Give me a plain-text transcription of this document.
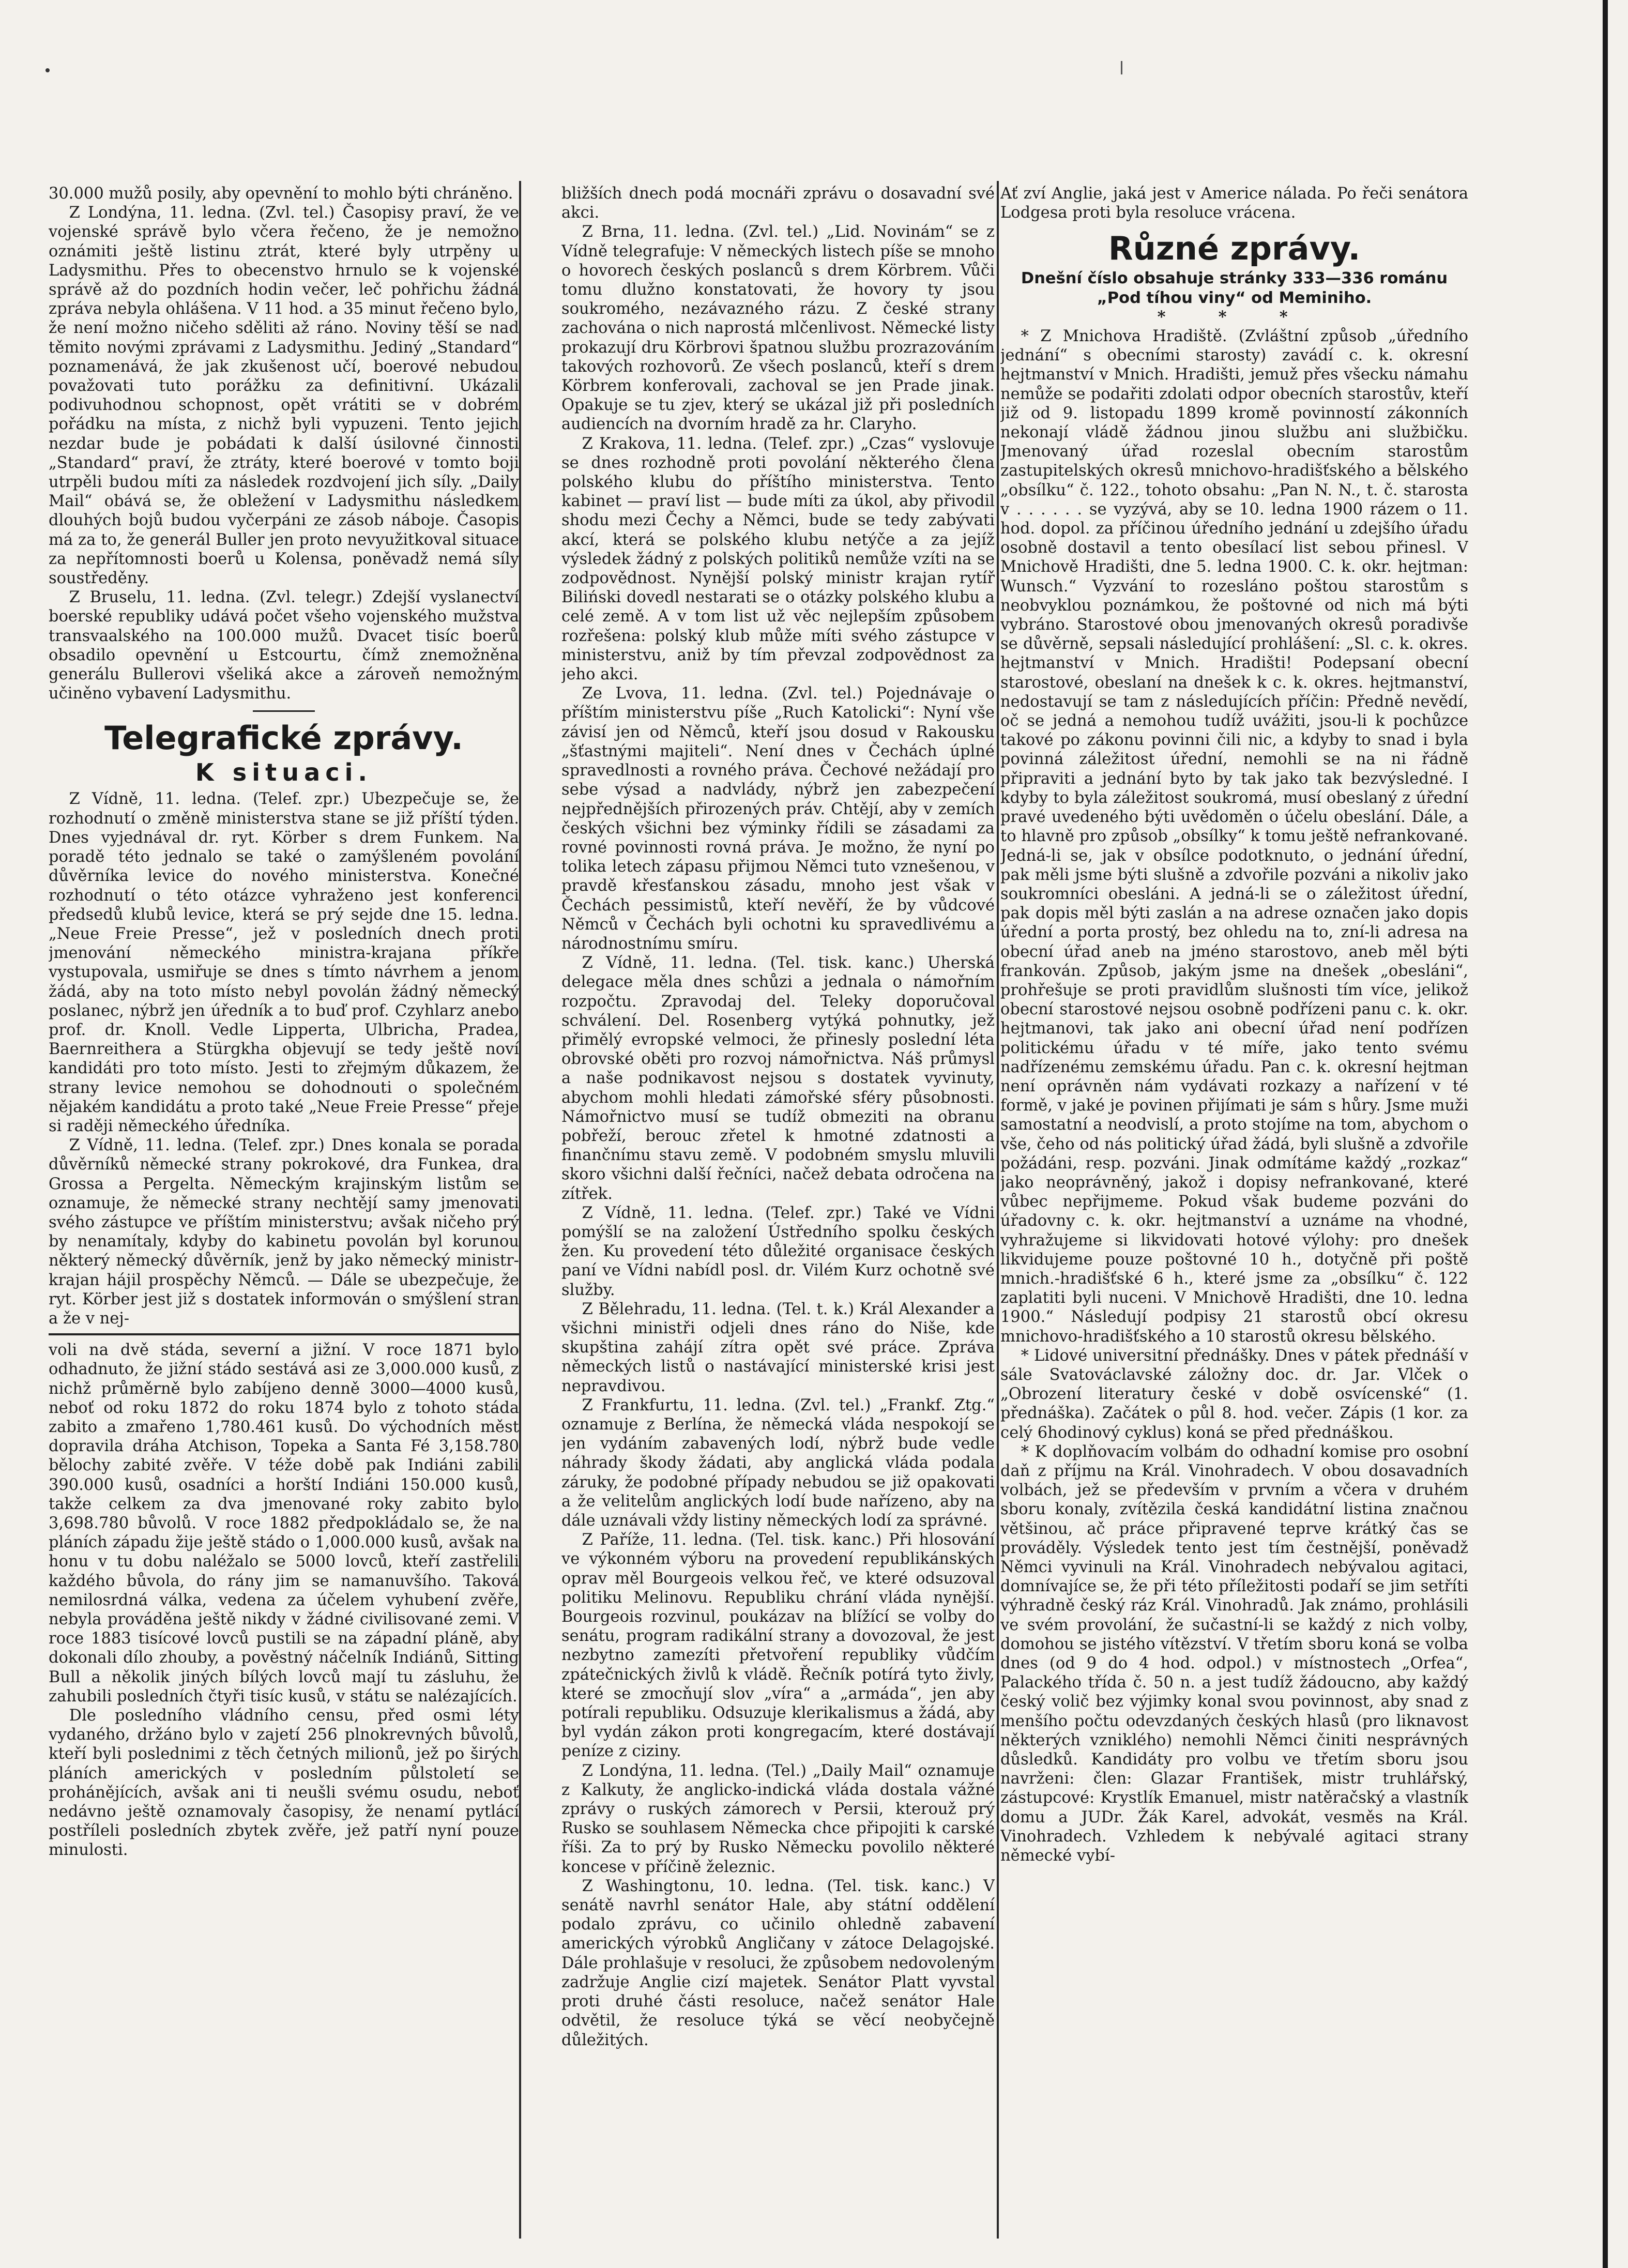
30.000 mužů posily, aby opevnění to mohlo býti chráněno.

Z Londýna, 11. ledna. (Zvl. tel.) Časopisy praví, že ve vojenské správě bylo včera řečeno, že je nemožno oznámiti ještě listinu ztrát, které byly utrpěny u Ladysmithu. Přes to obecenstvo hrnulo se k vojenské správě až do pozdních hodin večer, leč pohřichu žádná zpráva nebyla ohlášena. V 11 hod. a 35 minut řečeno bylo, že není možno ničeho sděliti až ráno. Noviny těší se nad těmito novými zprávami z Ladysmithu. Jediný „Standard“ poznamenává, že jak zkušenost učí, boerové nebudou považovati tuto porážku za definitivní. Ukázali podivuhodnou schopnost, opět vrátiti se v dobrém pořádku na místa, z nichž byli vypuzeni. Tento jejich nezdar bude je pobádati k další úsilovné činnosti „Standard“ praví, že ztráty, které boerové v tomto boji utrpěli budou míti za následek rozdvojení jich síly. „Daily Mail“ obává se, že obležení v Ladysmithu následkem dlouhých bojů budou vyčerpáni ze zásob náboje. Časopis má za to, že generál Buller jen proto nevyužitkoval situace za nepřítomnosti boerů u Kolensa, poněvadž nemá síly soustředěny.

Z Bruselu, 11. ledna. (Zvl. telegr.) Zdejší vyslanectví boerské republiky udává počet všeho vojenského mužstva transvaalského na 100.000 mužů. Dvacet tisíc boerů obsadilo opevnění u Estcourtu, čímž znemožněna generálu Bullerovi všeliká akce a zároveň nemožným učiněno vybavení Ladysmithu.

Telegrafické zprávy.
K situaci.

Z Vídně, 11. ledna. (Telef. zpr.) Ubezpečuje se, že rozhodnutí o změně ministerstva stane se již příští týden. Dnes vyjednával dr. ryt. Körber s drem Funkem. Na poradě této jednalo se také o zamýšleném povolání důvěrníka levice do nového ministerstva. Konečné rozhodnutí o této otázce vyhraženo jest konferenci předsedů klubů levice, která se prý sejde dne 15. ledna. „Neue Freie Presse“, jež v posledních dnech proti jmenování německého ministra-krajana příkře vystupovala, usmiřuje se dnes s tímto návrhem a jenom žádá, aby na toto místo nebyl povolán žádný německý poslanec, nýbrž jen úředník a to buď prof. Czyhlarz anebo prof. dr. Knoll. Vedle Lipperta, Ulbricha, Pradea, Baernreithera a Stürgkha objevují se tedy ještě noví kandidáti pro toto místo. Jesti to zřejmým důkazem, že strany levice nemohou se dohodnouti o společném nějakém kandidátu a proto také „Neue Freie Presse“ přeje si raději německého úředníka.

Z Vídně, 11. ledna. (Telef. zpr.) Dnes konala se porada důvěrníků německé strany pokrokové, dra Funkea, dra Grossa a Pergelta. Německým krajinským listům se oznamuje, že německé strany nechtějí samy jmenovati svého zástupce ve příštím ministerstvu; avšak ničeho prý by nenamítaly, kdyby do kabinetu povolán byl korunou některý německý důvěrník, jenž by jako německý ministr-krajan hájil prospěchy Němců. — Dále se ubezpečuje, že ryt. Körber jest již s dostatek informován o smýšlení stran a že v nej-

voli na dvě stáda, severní a jižní. V roce 1871 bylo odhadnuto, že jižní stádo sestává asi ze 3,000.000 kusů, z nichž průměrně bylo zabíjeno denně 3000—4000 kusů, neboť od roku 1872 do roku 1874 bylo z tohoto stáda zabito a zmařeno 1,780.461 kusů. Do východních měst dopravila dráha Atchison, Topeka a Santa Fé 3,158.780 bělochy zabité zvěře. V téže době pak Indiáni zabili 390.000 kusů, osadníci a horští Indiáni 150.000 kusů, takže celkem za dva jmenované roky zabito bylo 3,698.780 bůvolů. V roce 1882 předpokládalo se, že na pláních západu žije ještě stádo o 1,000.000 kusů, avšak na honu v tu dobu naléžalo se 5000 lovců, kteří zastřelili každého bůvola, do rány jim se namanuvšího. Taková nemilosrdná válka, vedena za účelem vyhubení zvěře, nebyla prováděna ještě nikdy v žádné civilisované zemi. V roce 1883 tisícové lovců pustili se na západní pláně, aby dokonali dílo zhouby, a pověstný náčelník Indiánů, Sitting Bull a několik jiných bílých lovců mají tu zásluhu, že zahubili posledních čtyři tisíc kusů, v státu se nalézajících.

Dle posledního vládního censu, před osmi léty vydaného, držáno bylo v zajetí 256 plnokrevných bůvolů, kteří byli poslednimi z těch četných milionů, jež po širých pláních amerických v posledním půlstoletí se prohánějících, avšak ani ti neušli svému osudu, neboť nedávno ještě oznamovaly časopisy, že nenamí pytlácí postříleli posledních zbytek zvěře, jež patří nyní pouze minulosti.

bližších dnech podá mocnáři zprávu o dosavadní své akci.

Z Brna, 11. ledna. (Zvl. tel.) „Lid. Novinám“ se z Vídně telegrafuje: V německých listech píše se mnoho o hovorech českých poslanců s drem Körbrem. Vůči tomu dlužno konstatovati, že hovory ty jsou soukromého, nezávazného rázu. Z české strany zachována o nich naprostá mlčenlivost. Německé listy prokazují dru Körbrovi špatnou službu prozrazováním takových rozhovorů. Ze všech poslanců, kteří s drem Körbrem konferovali, zachoval se jen Prade jinak. Opakuje se tu zjev, který se ukázal již při posledních audiencích na dvorním hradě za hr. Claryho.

Z Krakova, 11. ledna. (Telef. zpr.) „Czas“ vyslovuje se dnes rozhodně proti povolání některého člena polského klubu do příštího ministerstva. Tento kabinet — praví list — bude míti za úkol, aby přivodil shodu mezi Čechy a Němci, bude se tedy zabývati akcí, která se polského klubu netýče a za jejíž výsledek žádný z polských politiků nemůže vzíti na se zodpovědnost. Nynější polský ministr krajan rytíř Biliński dovedl nestarati se o otázky polského klubu a celé země. A v tom list už věc nejlepším způsobem rozřešena: polský klub může míti svého zástupce v ministerstvu, aniž by tím převzal zodpovědnost za jeho akci.

Ze Lvova, 11. ledna. (Zvl. tel.) Pojednávaje o příštím ministerstvu píše „Ruch Katolicki“: Nyní vše závisí jen od Němců, kteří jsou dosud v Rakousku „šťastnými majiteli“. Není dnes v Čechách úplné spravedlnosti a rovného práva. Čechové nežádají pro sebe výsad a nadvlády, nýbrž jen zabezpečení nejpřednějších přirozených práv. Chtějí, aby v zemích českých všichni bez výminky řídili se zásadami za rovné povinnosti rovná práva. Je možno, že nyní po tolika letech zápasu přijmou Němci tuto vznešenou, v pravdě křesťanskou zásadu, mnoho jest však v Čechách pessimistů, kteří nevěří, že by vůdcové Němců v Čechách byli ochotni ku spravedlivému a národnostnímu smíru.

Z Vídně, 11. ledna. (Tel. tisk. kanc.) Uherská delegace měla dnes schůzi a jednala o námořním rozpočtu. Zpravodaj del. Teleky doporučoval schválení. Del. Rosenberg vytýká pohnutky, jež přimělý evropské velmoci, že přinesly poslední léta obrovské oběti pro rozvoj námořnictva. Náš průmysl a naše podnikavost nejsou s dostatek vyvinuty, abychom mohli hledati zámořské sféry působnosti. Námořnictvo musí se tudíž obmeziti na obranu pobřeží, berouc zřetel k hmotné zdatnosti a finančnímu stavu země. V podobném smyslu mluvili skoro všichni další řečníci, načež debata odročena na zítřek.

Z Vídně, 11. ledna. (Telef. zpr.) Také ve Vídni pomýšlí se na založení Ústředního spolku českých žen. Ku provedení této důležité organisace českých paní ve Vídni nabídl posl. dr. Vilém Kurz ochotně své služby.

Z Bělehradu, 11. ledna. (Tel. t. k.) Král Alexander a všichni ministři odjeli dnes ráno do Niše, kde skupština zahájí zítra opět své práce. Zpráva německých listů o nastávající ministerské krisi jest nepravdivou.

Z Frankfurtu, 11. ledna. (Zvl. tel.) „Frankf. Ztg.“ oznamuje z Berlína, že německá vláda nespokojí se jen vydáním zabavených lodí, nýbrž bude vedle náhrady škody žádati, aby anglická vláda podala záruky, že podobné případy nebudou se již opakovati a že velitelům anglických lodí bude nařízeno, aby na dále uznávali vždy listiny německých lodí za správné.

Z Paříže, 11. ledna. (Tel. tisk. kanc.) Při hlosování ve výkonném výboru na provedení republikánských oprav měl Bourgeois velkou řeč, ve které odsuzoval politiku Melinovu. Republiku chrání vláda nynější. Bourgeois rozvinul, poukázav na blížící se volby do senátu, program radikální strany a dovozoval, že jest nezbytno zamezíti přetvoření republiky vůdčím zpátečnických živlů k vládě. Řečník potírá tyto živly, které se zmocňují slov „víra“ a „armáda“, jen aby potírali republiku. Odsuzuje klerikalismus a žádá, aby byl vydán zákon proti kongregacím, které dostávají peníze z ciziny.

Z Londýna, 11. ledna. (Tel.) „Daily Mail“ oznamuje z Kalkuty, že anglicko-indická vláda dostala vážné zprávy o ruských zámorech v Persii, kterouž prý Rusko se souhlasem Německa chce připojiti k carské říši. Za to prý by Rusko Německu povolilo některé koncese v příčině železnic.

Z Washingtonu, 10. ledna. (Tel. tisk. kanc.) V senátě navrhl senátor Hale, aby státní oddělení podalo zprávu, co učinilo ohledně zabavení amerických výrobků Angličany v zátoce Delagojské. Dále prohlašuje v resoluci, že způsobem nedovoleným zadržuje Anglie cizí majetek. Senátor Platt vyvstal proti druhé části resoluce, načež senátor Hale odvětil, že resoluce týká se věcí neobyčejně důležitých.

Ať zví Anglie, jaká jest v Americe nálada. Po řeči senátora Lodgesa proti byla resoluce vrácena.

Různé zprávy.

Dnešní číslo obsahuje stránky 333—336 románu „Pod tíhou viny“ od Meminiho.

* * *

* Z Mnichova Hradiště. (Zvláštní způsob „úředního jednání“ s obecními starosty) zavádí c. k. okresní hejtmanství v Mnich. Hradišti, jemuž přes všecku námahu nemůže se podařiti zdolati odpor obecních starostův, kteří již od 9. listopadu 1899 kromě povinností zákonních nekonají vládě žádnou jinou službu ani službičku. Jmenovaný úřad rozeslal obecním starostům zastupitelských okresů mnichovo-hradišťského a bělského „obsílku“ č. 122., tohoto obsahu: „Pan N. N., t. č. starosta v . . . . . . se vyzývá, aby se 10. ledna 1900 rázem o 11. hod. dopol. za příčinou úředního jednání u zdejšího úřadu osobně dostavil a tento obesílací list sebou přinesl. V Mnichově Hradišti, dne 5. ledna 1900. C. k. okr. hejtman: Wunsch.“ Vyzvání to rozesláno poštou starostům s neobvyklou poznámkou, že poštovné od nich má býti vybráno. Starostové obou jmenovaných okresů poradivše se důvěrně, sepsali následující prohlášení: „Sl. c. k. okres. hejtmanství v Mnich. Hradišti! Podepsaní obecní starostové, obeslaní na dnešek k c. k. okres. hejtmanství, nedostavují se tam z následujících příčin: Předně nevědí, oč se jedná a nemohou tudíž uvážiti, jsou-li k pochůzce takové po zákonu povinni čili nic, a kdyby to snad i byla povinná záležitost úřední, nemohli se na ni řádně připraviti a jednání byto by tak jako tak bezvýsledné. I kdyby to byla záležitost soukromá, musí obeslaný z úřední pravé uvedeného býti uvědoměn o účelu obeslání. Dále, a to hlavně pro způsob „obsílky“ k tomu ještě nefrankované. Jedná-li se, jak v obsílce podotknuto, o jednání úřední, pak měli jsme býti slušně a zdvořile pozváni a nikoliv jako soukromníci obesláni. A jedná-li se o záležitost úřední, pak dopis měl býti zaslán a na adrese označen jako dopis úřední a porta prostý, bez ohledu na to, zní-li adresa na obecní úřad aneb na jméno starostovo, aneb měl býti frankován. Způsob, jakým jsme na dnešek „obesláni“, prohřešuje se proti pravidlům slušnosti tím více, jelikož obecní starostové nejsou osobně podřízeni panu c. k. okr. hejtmanovi, tak jako ani obecní úřad není podřízen politickému úřadu v té míře, jako tento svému nadřízenému zemskému úřadu. Pan c. k. okresní hejtman není oprávněn nám vydávati rozkazy a nařízení v té formě, v jaké je povinen přijímati je sám s hůry. Jsme muži samostatní a neodvislí, a proto stojíme na tom, abychom o vše, čeho od nás politický úřad žádá, byli slušně a zdvořile požádáni, resp. pozváni. Jinak odmítáme každý „rozkaz“ jako neoprávněný, jakož i dopisy nefrankované, které vůbec nepřijmeme. Pokud však budeme pozváni do úřadovny c. k. okr. hejtmanství a uznáme na vhodné, vyhražujeme si likvidovati hotové výlohy: pro dnešek likvidujeme pouze poštovné 10 h., dotyčně při poště mnich.-hradišťské 6 h., které jsme za „obsílku“ č. 122 zaplatiti byli nuceni. V Mnichově Hradišti, dne 10. ledna 1900.“ Následují podpisy 21 starostů obcí okresu mnichovo-hradišťského a 10 starostů okresu bělského.

* Lidové universitní přednášky. Dnes v pátek přednáší v sále Svatováclavské záložny doc. dr. Jar. Vlček o „Obrození literatury české v době osvícenské“ (1. přednáška). Začátek o půl 8. hod. večer. Zápis (1 kor. za celý 6hodinový cyklus) koná se před přednáškou.

* K doplňovacím volbám do odhadní komise pro osobní daň z příjmu na Král. Vinohradech. V obou dosavadních volbách, jež se především v prvním a včera v druhém sboru konaly, zvítězila česká kandidátní listina značnou většinou, ač práce připravené teprve krátký čas se prováděly. Výsledek tento jest tím čestnější, poněvadž Němci vyvinuli na Král. Vinohradech nebývalou agitaci, domnívajíce se, že při této příležitosti podaří se jim setříti výhradně český ráz Král. Vinohradů. Jak známo, prohlásili ve svém provolání, že sučastní-li se každý z nich volby, domohou se jistého vítězství. V třetím sboru koná se volba dnes (od 9 do 4 hod. odpol.) v místnostech „Orfea“, Palackého třída č. 50 n. a jest tudíž žádoucno, aby každý český volič bez výjimky konal svou povinnost, aby snad z menšího počtu odevzdaných českých hlasů (pro liknavost některých vzniklého) nemohli Němci činiti nesprávných důsledků. Kandidáty pro volbu ve třetím sboru jsou navrženi: člen: Glazar František, mistr truhlářský, zástupcové: Krystlík Emanuel, mistr natěračský a vlastník domu a JUDr. Žák Karel, advokát, vesměs na Král. Vinohradech. Vzhledem k nebývalé agitaci strany německé vybí-
